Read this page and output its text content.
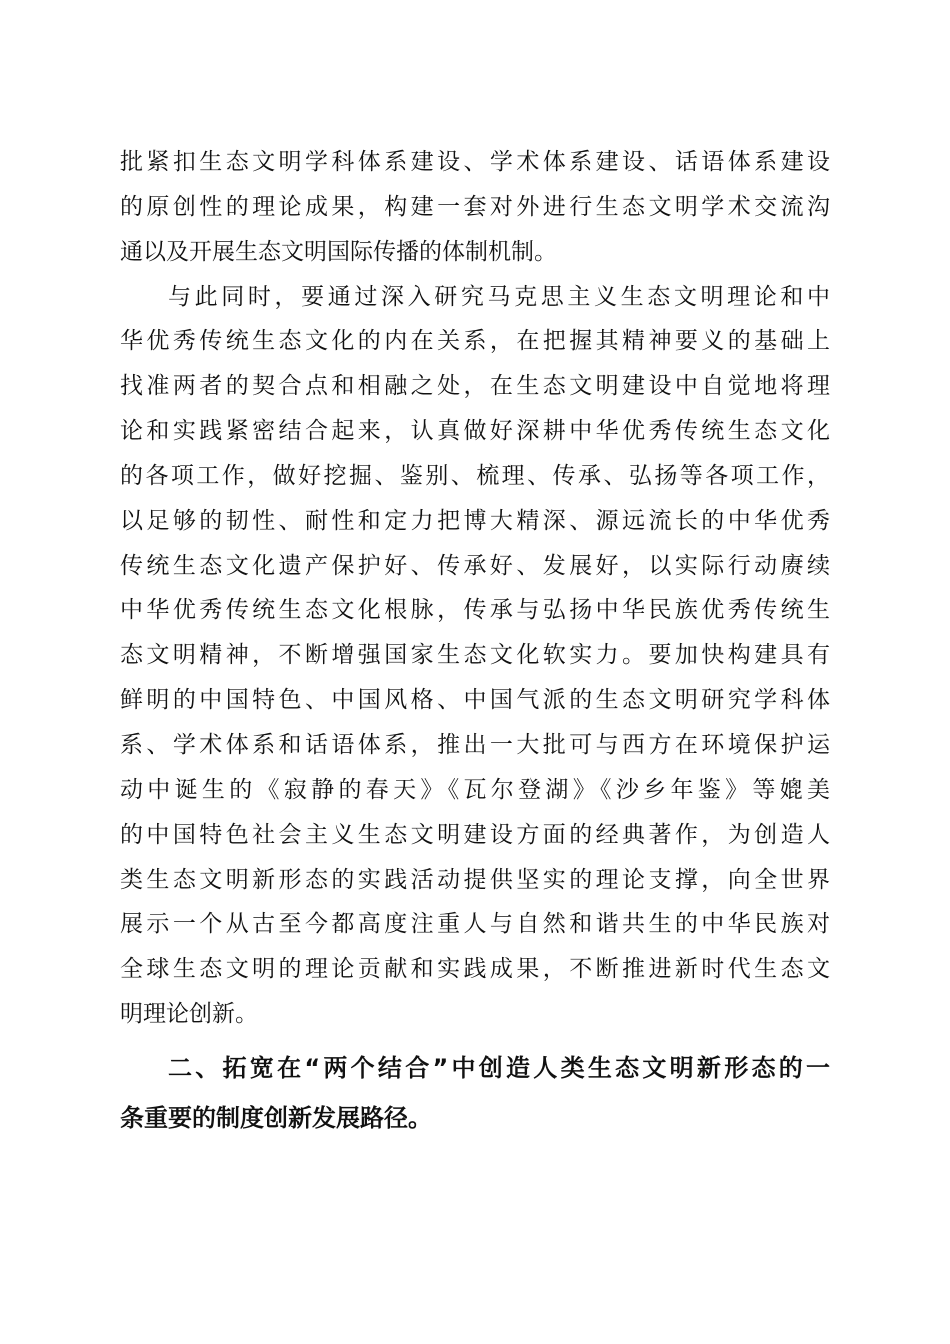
批紧扣生态文明学科体系建设、学术体系建设、话语体系建设
的原创性的理论成果，构建一套对外进行生态文明学术交流沟
通以及开展生态文明国际传播的体制机制。
与此同时，要通过深入研究马克思主义生态文明理论和中
华优秀传统生态文化的内在关系，在把握其精神要义的基础上
找准两者的契合点和相融之处，在生态文明建设中自觉地将理
论和实践紧密结合起来，认真做好深耕中华优秀传统生态文化
的各项工作，做好挖掘、鉴别、梳理、传承、弘扬等各项工作，
以足够的韧性、耐性和定力把博大精深、源远流长的中华优秀
传统生态文化遗产保护好、传承好、发展好，以实际行动赓续
中华优秀传统生态文化根脉，传承与弘扬中华民族优秀传统生
态文明精神，不断增强国家生态文化软实力。要加快构建具有
鲜明的中国特色、中国风格、中国气派的生态文明研究学科体
系、学术体系和话语体系，推出一大批可与西方在环境保护运
动中诞生的《寂静的春天》《瓦尔登湖》《沙乡年鉴》等媲美
的中国特色社会主义生态文明建设方面的经典著作，为创造人
类生态文明新形态的实践活动提供坚实的理论支撑，向全世界
展示一个从古至今都高度注重人与自然和谐共生的中华民族对
全球生态文明的理论贡献和实践成果，不断推进新时代生态文
明理论创新。
二、拓宽在“两个结合”中创造人类生态文明新形态的一
条重要的制度创新发展路径。
